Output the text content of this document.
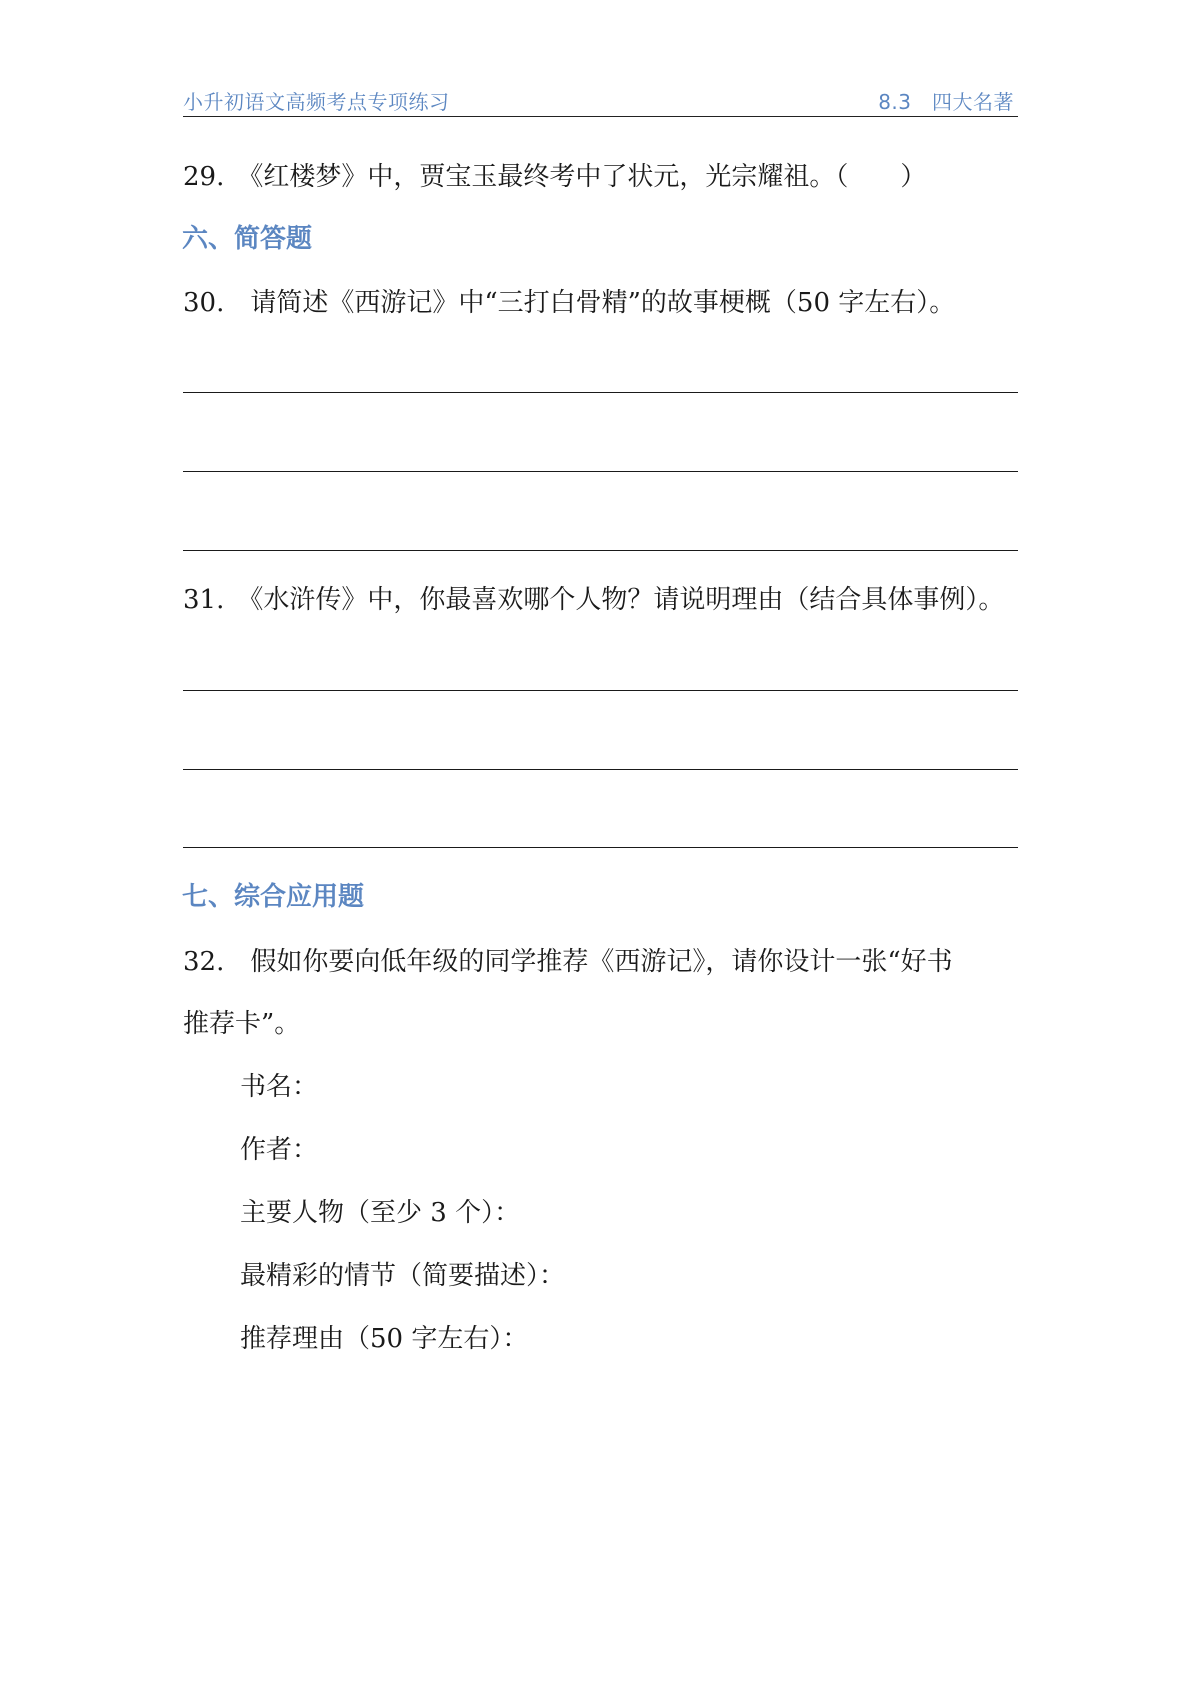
小升初语文高频考点专项练习	8.3　四大名著
29.　《红楼梦》中，贾宝玉最终考中了状元，光宗耀祖。（　　）
六、简答题
30.　请简述《西游记》中“三打白骨精”的故事梗概（50 字左右）。
31.　《水浒传》中，你最喜欢哪个人物？请说明理由（结合具体事例）。
七、综合应用题
32.　假如你要向低年级的同学推荐《西游记》，请你设计一张“好书
推荐卡”。
书名：
作者：
主要人物（至少 3 个）：
最精彩的情节（简要描述）：
推荐理由（50 字左右）：
